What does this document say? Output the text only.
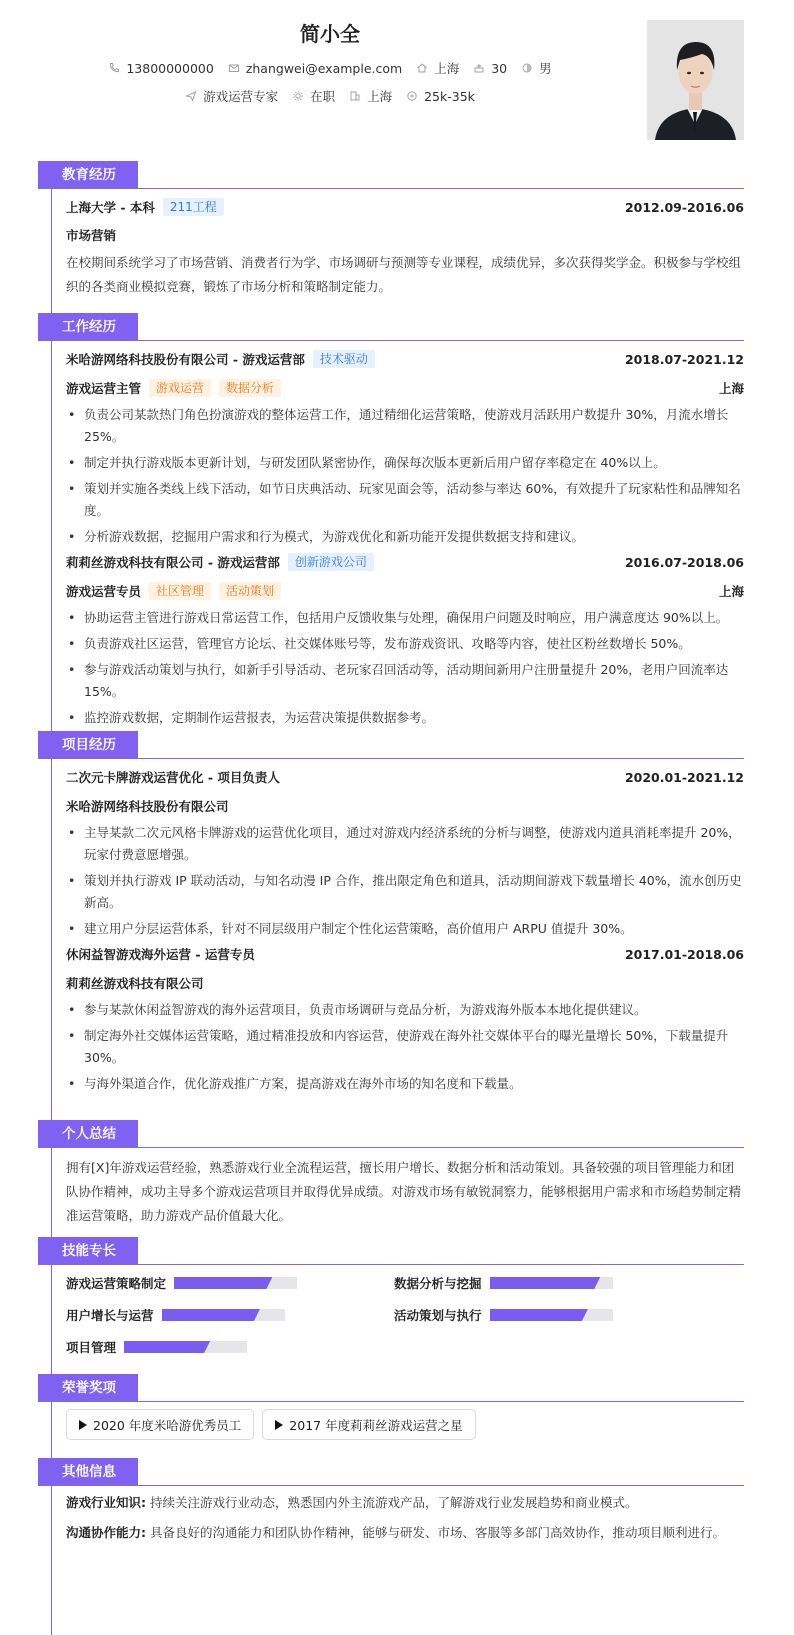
简小全
13800000000	zhangwei@example.com	上海	30	男
游戏运营专家	在职	上海	25k-35k
教育经历
上海大学 - 本科	211工程	2012.09-2016.06
市场营销
在校期间系统学习了市场营销、消费者行为学、市场调研与预测等专业课程，成绩优异，多次获得奖学金。积极参与学校组织的各类商业模拟竞赛，锻炼了市场分析和策略制定能力。
工作经历
米哈游网络科技股份有限公司 - 游戏运营部	技术驱动	2018.07-2021.12
游戏运营主管	游戏运营	数据分析	上海
• 负责公司某款热门角色扮演游戏的整体运营工作，通过精细化运营策略，使游戏月活跃用户数提升 30%，月流水增长 25%。
• 制定并执行游戏版本更新计划，与研发团队紧密协作，确保每次版本更新后用户留存率稳定在 40%以上。
• 策划并实施各类线上线下活动，如节日庆典活动、玩家见面会等，活动参与率达 60%，有效提升了玩家粘性和品牌知名度。
• 分析游戏数据，挖掘用户需求和行为模式，为游戏优化和新功能开发提供数据支持和建议。
莉莉丝游戏科技有限公司 - 游戏运营部	创新游戏公司	2016.07-2018.06
游戏运营专员	社区管理	活动策划	上海
• 协助运营主管进行游戏日常运营工作，包括用户反馈收集与处理，确保用户问题及时响应，用户满意度达 90%以上。
• 负责游戏社区运营，管理官方论坛、社交媒体账号等，发布游戏资讯、攻略等内容，使社区粉丝数增长 50%。
• 参与游戏活动策划与执行，如新手引导活动、老玩家召回活动等，活动期间新用户注册量提升 20%，老用户回流率达 15%。
• 监控游戏数据，定期制作运营报表，为运营决策提供数据参考。
项目经历
二次元卡牌游戏运营优化 - 项目负责人	2020.01-2021.12
米哈游网络科技股份有限公司
• 主导某款二次元风格卡牌游戏的运营优化项目，通过对游戏内经济系统的分析与调整，使游戏内道具消耗率提升 20%，玩家付费意愿增强。
• 策划并执行游戏 IP 联动活动，与知名动漫 IP 合作，推出限定角色和道具，活动期间游戏下载量增长 40%，流水创历史新高。
• 建立用户分层运营体系，针对不同层级用户制定个性化运营策略，高价值用户 ARPU 值提升 30%。
休闲益智游戏海外运营 - 运营专员	2017.01-2018.06
莉莉丝游戏科技有限公司
• 参与某款休闲益智游戏的海外运营项目，负责市场调研与竞品分析，为游戏海外版本本地化提供建议。
• 制定海外社交媒体运营策略，通过精准投放和内容运营，使游戏在海外社交媒体平台的曝光量增长 50%，下载量提升 30%。
• 与海外渠道合作，优化游戏推广方案，提高游戏在海外市场的知名度和下载量。
个人总结
拥有[X]年游戏运营经验，熟悉游戏行业全流程运营，擅长用户增长、数据分析和活动策划。具备较强的项目管理能力和团队协作精神，成功主导多个游戏运营项目并取得优异成绩。对游戏市场有敏锐洞察力，能够根据用户需求和市场趋势制定精准运营策略，助力游戏产品价值最大化。
技能专长
游戏运营策略制定	数据分析与挖掘
用户增长与运营	活动策划与执行
项目管理
荣誉奖项
2020 年度米哈游优秀员工	2017 年度莉莉丝游戏运营之星
其他信息
游戏行业知识: 持续关注游戏行业动态，熟悉国内外主流游戏产品，了解游戏行业发展趋势和商业模式。
沟通协作能力: 具备良好的沟通能力和团队协作精神，能够与研发、市场、客服等多部门高效协作，推动项目顺利进行。
